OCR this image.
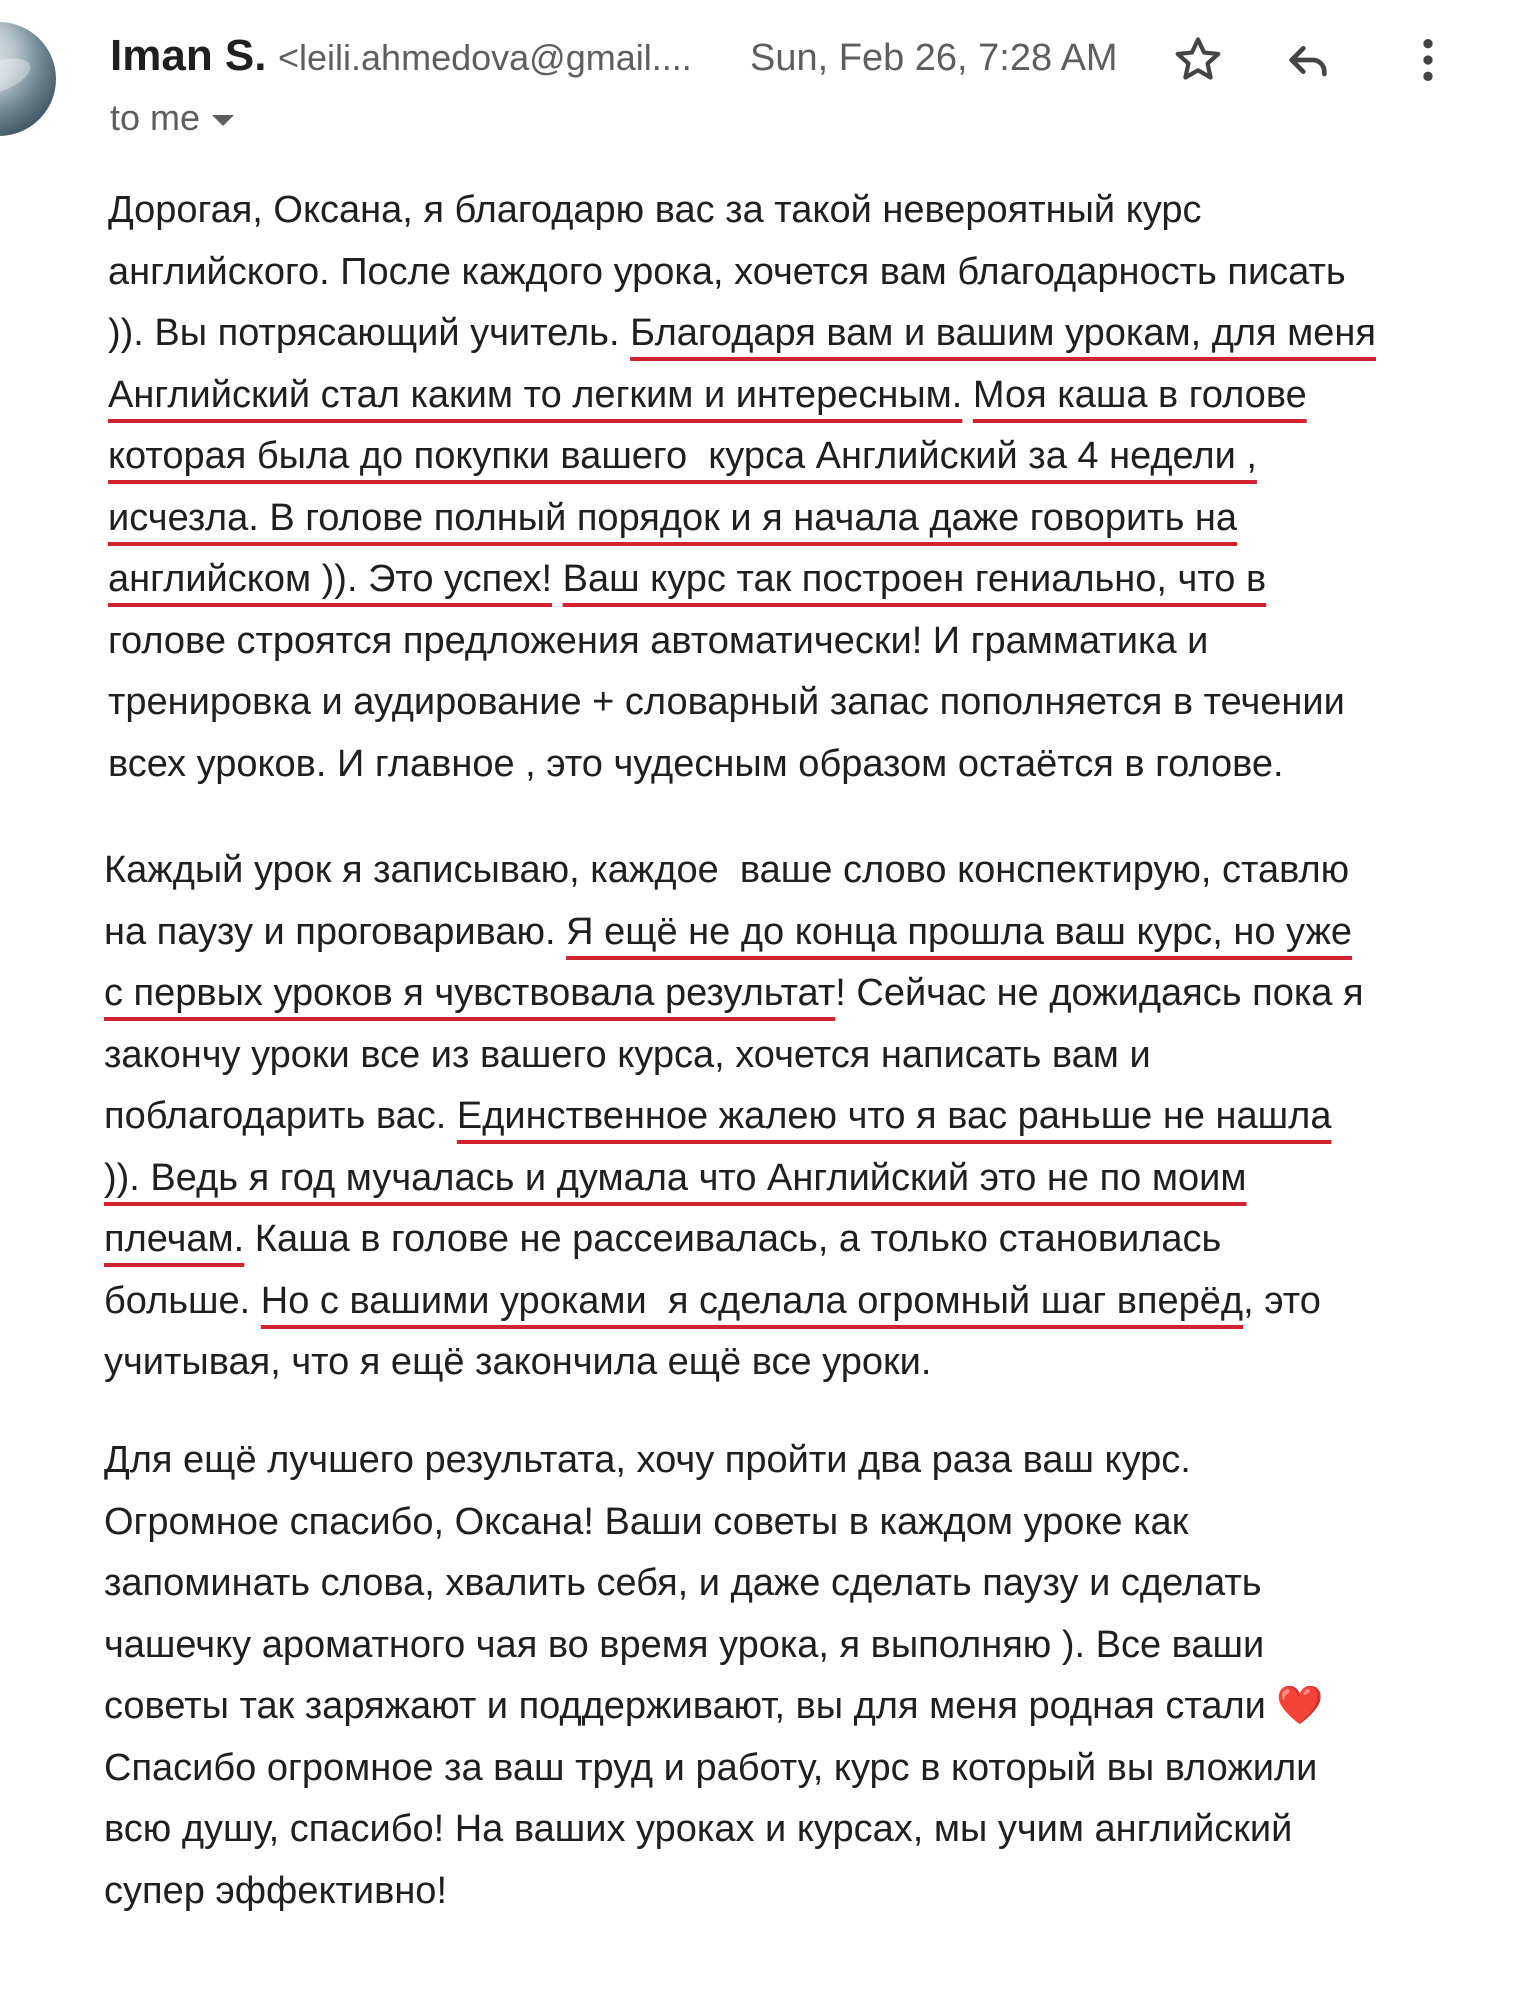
Iman S. <leili.ahmedova@gmail....	Sun, Feb 26, 7:28 AM
to me
Дорогая, Оксана, я благодарю вас за такой невероятный курс
английского. После каждого урока, хочется вам благодарность писать
)). Вы потрясающий учитель. Благодаря вам и вашим урокам, для меня
Английский стал каким то легким и интересным. Моя каша в голове
которая была до покупки вашего  курса Английский за 4 недели ,
исчезла. В голове полный порядок и я начала даже говорить на
английском )). Это успех! Ваш курс так построен гениально, что в
голове строятся предложения автоматически! И грамматика и
тренировка и аудирование + словарный запас пополняется в течении
всех уроков. И главное , это чудесным образом остаётся в голове.
Каждый урок я записываю, каждое  ваше слово конспектирую, ставлю
на паузу и проговариваю. Я ещё не до конца прошла ваш курс, но уже
с первых уроков я чувствовала результат! Сейчас не дожидаясь пока я
закончу уроки все из вашего курса, хочется написать вам и
поблагодарить вас. Единственное жалею что я вас раньше не нашла
)). Ведь я год мучалась и думала что Английский это не по моим
плечам. Каша в голове не рассеивалась, а только становилась
больше. Но с вашими уроками  я сделала огромный шаг вперёд, это
учитывая, что я ещё закончила ещё все уроки.
Для ещё лучшего результата, хочу пройти два раза ваш курс.
Огромное спасибо, Оксана! Ваши советы в каждом уроке как
запоминать слова, хвалить себя, и даже сделать паузу и сделать
чашечку ароматного чая во время урока, я выполняю ). Все ваши
советы так заряжают и поддерживают, вы для меня родная стали ❤️
Спасибо огромное за ваш труд и работу, курс в который вы вложили
всю душу, спасибо! На ваших уроках и курсах, мы учим английский
супер эффективно!
